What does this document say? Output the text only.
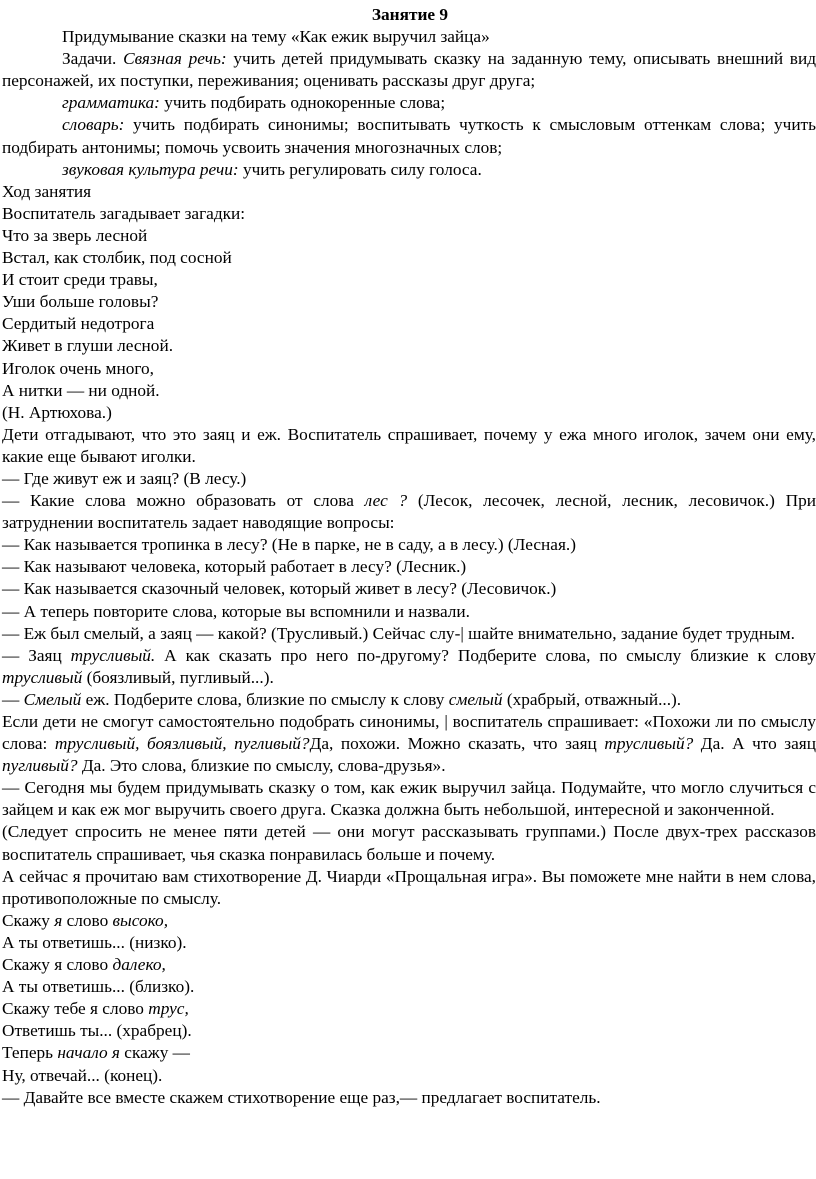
Занятие 9

Придумывание сказки на тему «Как ежик выручил зайца»

Задачи. Связная речь: учить детей придумывать сказку на заданную тему, описывать внешний вид персонажей, их поступки, переживания; оценивать рассказы друг друга;

грамматика: учить подбирать однокоренные слова;

словарь: учить подбирать синонимы; воспитывать чуткость к смысловым оттенкам слова; учить подбирать антонимы; помочь усвоить значения многозначных слов;

звуковая культура речи: учить регулировать силу голоса.

Ход занятия

Воспитатель загадывает загадки:

Что за зверь лесной

Встал, как столбик, под сосной

И стоит среди травы,

Уши больше головы?

Сердитый недотрога

Живет в глуши лесной.

Иголок очень много,

А нитки — ни одной.

(Н. Артюхова.)

Дети отгадывают, что это заяц и еж. Воспитатель спрашивает, почему у ежа много иголок, зачем они ему, какие еще бывают иголки.

— Где живут еж и заяц? (В лесу.)

— Какие слова можно образовать от слова лес ? (Лесок, лесочек, лесной, лесник, лесовичок.) При затруднении воспитатель задает наводящие вопросы:

— Как называется тропинка в лесу? (Не в парке, не в саду, а в лесу.) (Лесная.)

— Как называют человека, который работает в лесу? (Лесник.)

— Как называется сказочный человек, который живет в лесу? (Лесовичок.)

— А теперь повторите слова, которые вы вспомнили и назвали.

— Еж был смелый, а заяц — какой? (Трусливый.) Сейчас слу-| шайте внимательно, задание будет трудным.

— Заяц трусливый. А как сказать про него по-другому? Подберите слова, по смыслу близкие к слову трусливый (боязливый, пугливый...).

— Смелый еж. Подберите слова, близкие по смыслу к слову смелый (храбрый, отважный...).

Если дети не смогут самостоятельно подобрать синонимы, | воспитатель спрашивает: «Похожи ли по смыслу слова: трусливый, боязливый, пугливый?Да, похожи. Можно сказать, что заяц трусливый? Да. А что заяц пугливый? Да. Это слова, близкие по смыслу, слова-друзья».

— Сегодня мы будем придумывать сказку о том, как ежик выручил зайца. Подумайте, что могло случиться с зайцем и как еж мог выручить своего друга. Сказка должна быть небольшой, интересной и законченной.

(Следует спросить не менее пяти детей — они могут рассказывать группами.) После двух-трех рассказов воспитатель спрашивает, чья сказка понравилась больше и почему.

А сейчас я прочитаю вам стихотворение Д. Чиарди «Прощальная игра». Вы поможете мне найти в нем слова, противоположные по смыслу.

Скажу я слово высоко,

А ты ответишь... (низко).

Скажу я слово далеко,

А ты ответишь... (близко).

Скажу тебе я слово трус,

Ответишь ты... (храбрец).

Теперь начало я скажу —

Ну, отвечай... (конец).

— Давайте все вместе скажем стихотворение еще раз,— предлагает воспитатель.
